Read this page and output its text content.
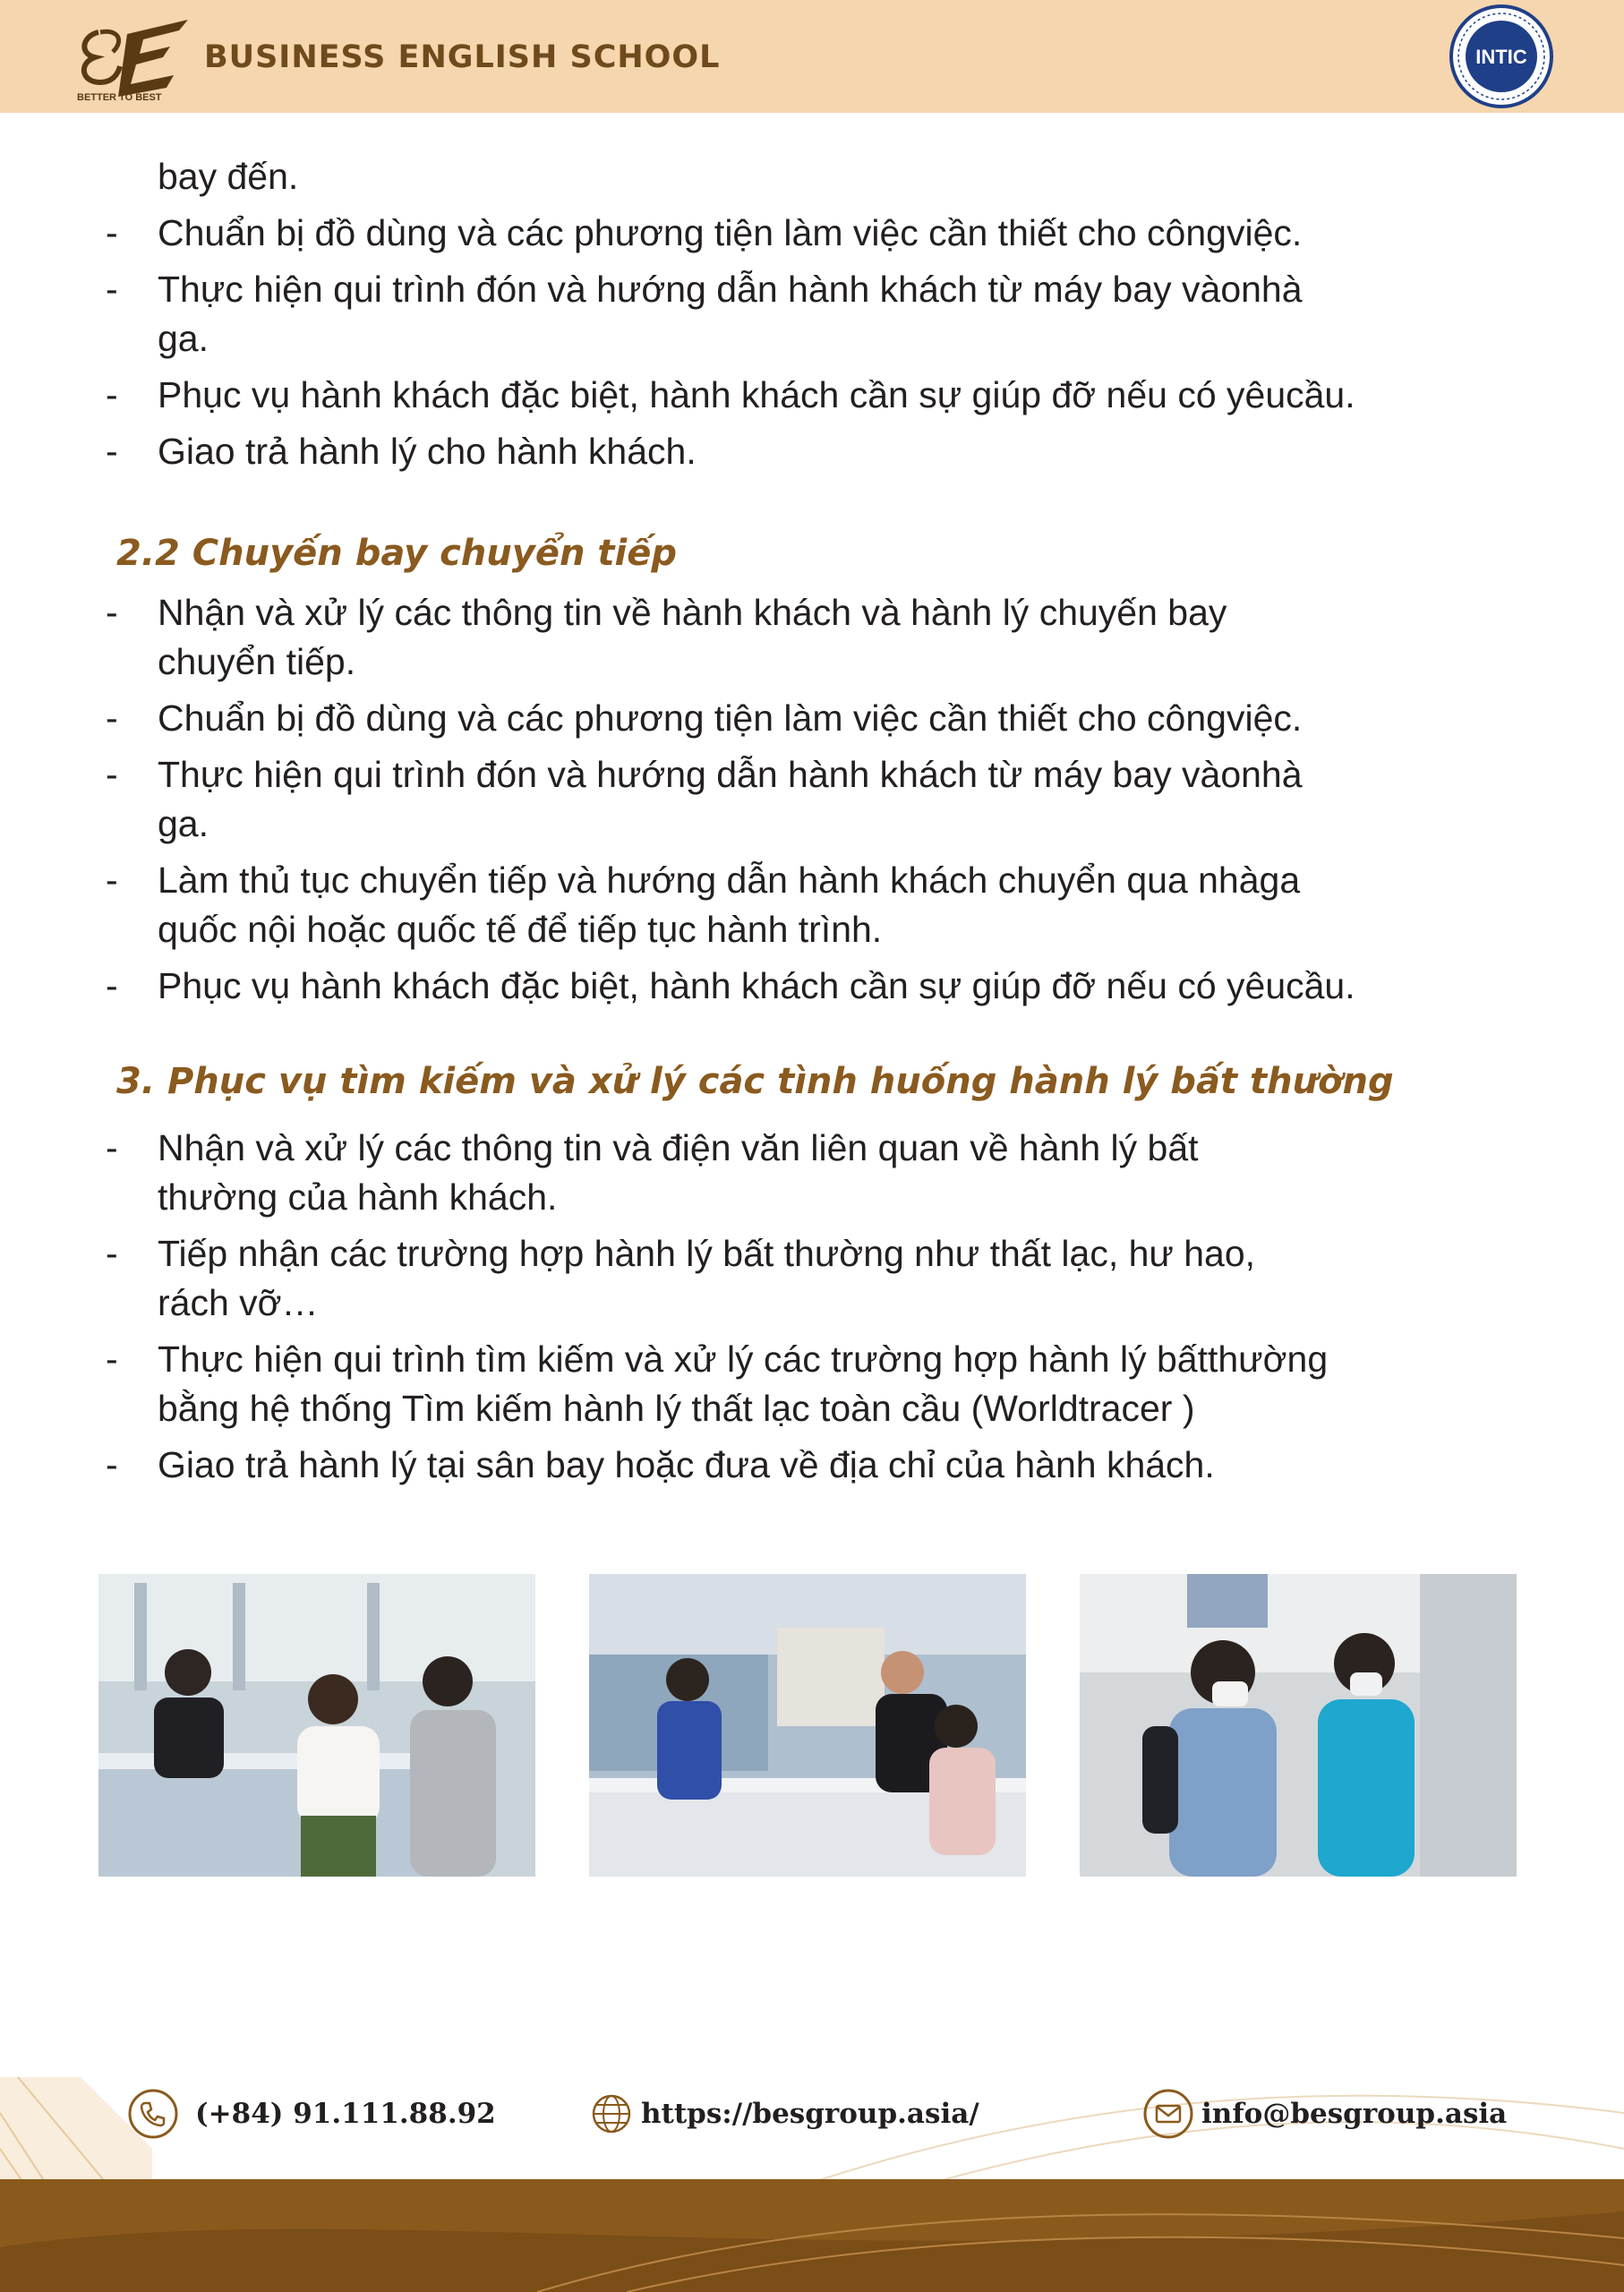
BETTER TO BEST
BUSINESS ENGLISH SCHOOL	INTIC
bay đến.
- Chuẩn bị đồ dùng và các phương tiện làm việc cần thiết cho côngviệc.
- Thực hiện qui trình đón và hướng dẫn hành khách từ máy bay vàonhà
ga.
- Phục vụ hành khách đặc biệt, hành khách cần sự giúp đỡ nếu có yêucầu.
- Giao trả hành lý cho hành khách.
2.2 Chuyến bay chuyển tiếp
- Nhận và xử lý các thông tin về hành khách và hành lý chuyến bay
chuyển tiếp.
- Chuẩn bị đồ dùng và các phương tiện làm việc cần thiết cho côngviệc.
- Thực hiện qui trình đón và hướng dẫn hành khách từ máy bay vàonhà
ga.
- Làm thủ tục chuyển tiếp và hướng dẫn hành khách chuyển qua nhàga
quốc nội hoặc quốc tế để tiếp tục hành trình.
- Phục vụ hành khách đặc biệt, hành khách cần sự giúp đỡ nếu có yêucầu.
3. Phục vụ tìm kiếm và xử lý các tình huống hành lý bất thường
- Nhận và xử lý các thông tin và điện văn liên quan về hành lý bất
thường của hành khách.
- Tiếp nhận các trường hợp hành lý bất thường như thất lạc, hư hao,
rách vỡ…
- Thực hiện qui trình tìm kiếm và xử lý các trường hợp hành lý bấtthường
bằng hệ thống Tìm kiếm hành lý thất lạc toàn cầu (Worldtracer )
- Giao trả hành lý tại sân bay hoặc đưa về địa chỉ của hành khách.
(+84) 91.111.88.92	https://besgroup.asia/	info@besgroup.asia
